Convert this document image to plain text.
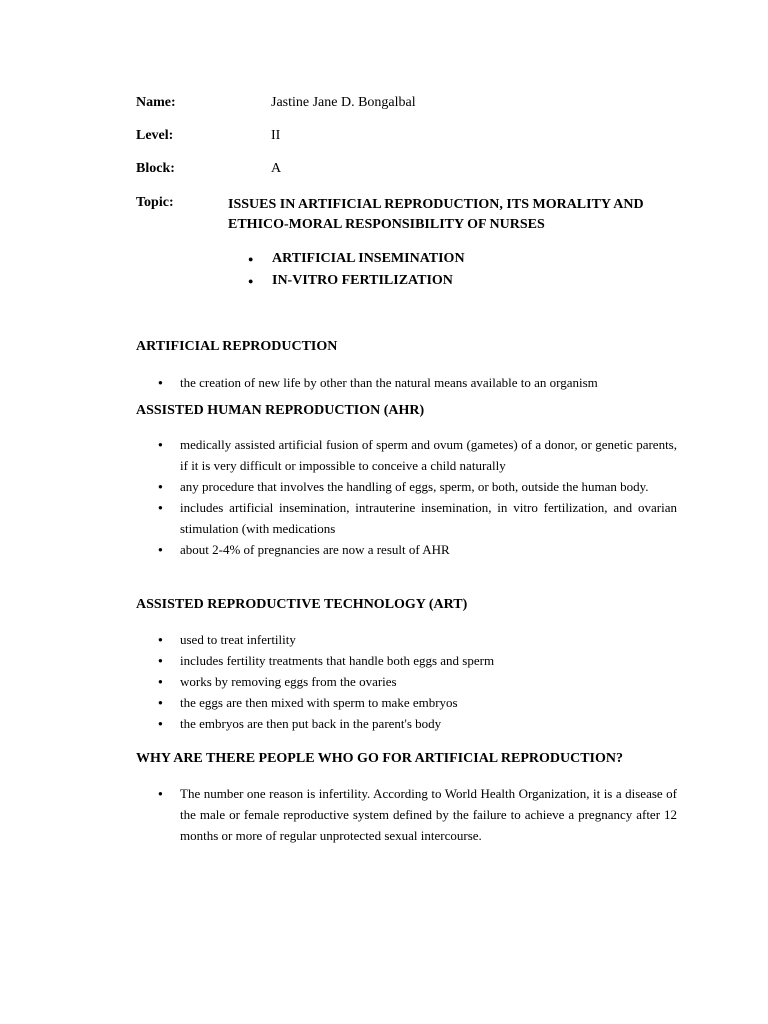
Name:	Jastine Jane D. Bongalbal
Level:	II
Block:	A
Topic:	ISSUES IN ARTIFICIAL REPRODUCTION, ITS MORALITY AND ETHICO-MORAL RESPONSIBILITY OF NURSES
● ARTIFICIAL INSEMINATION
● IN-VITRO FERTILIZATION
ARTIFICIAL REPRODUCTION
● the creation of new life by other than the natural means available to an organism
ASSISTED HUMAN REPRODUCTION (AHR)
● medically assisted artificial fusion of sperm and ovum (gametes) of a donor, or genetic parents, if it is very difficult or impossible to conceive a child naturally
● any procedure that involves the handling of eggs, sperm, or both, outside the human body.
● includes artificial insemination, intrauterine insemination, in vitro fertilization, and ovarian stimulation (with medications
● about 2-4% of pregnancies are now a result of AHR
ASSISTED REPRODUCTIVE TECHNOLOGY (ART)
● used to treat infertility
● includes fertility treatments that handle both eggs and sperm
● works by removing eggs from the ovaries
● the eggs are then mixed with sperm to make embryos
● the embryos are then put back in the parent's body
WHY ARE THERE PEOPLE WHO GO FOR ARTIFICIAL REPRODUCTION?
● The number one reason is infertility. According to World Health Organization, it is a disease of the male or female reproductive system defined by the failure to achieve a pregnancy after 12 months or more of regular unprotected sexual intercourse.
